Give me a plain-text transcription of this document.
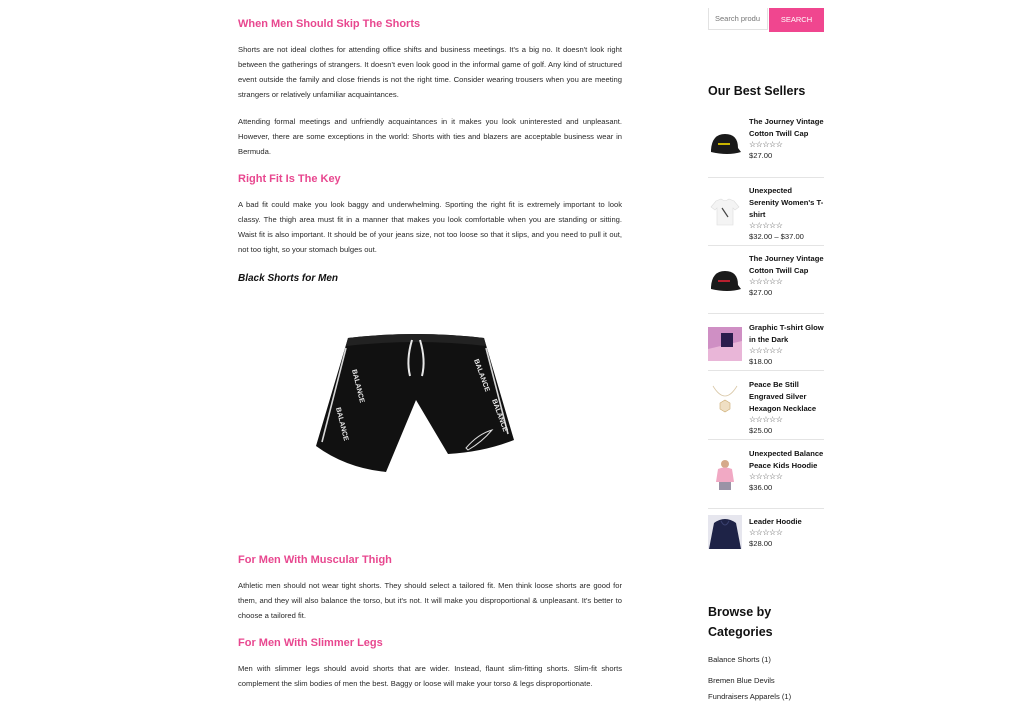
When Men Should Skip The Shorts

Shorts are not ideal clothes for attending office shifts and business meetings. It's a big no. It doesn't look right between the gatherings of strangers. It doesn't even look good in the informal game of golf. Any kind of structured event outside the family and close friends is not the right time. Consider wearing trousers when you are meeting strangers or relatively unfamiliar acquaintances.

Attending formal meetings and unfriendly acquaintances in it makes you look uninterested and unpleasant. However, there are some exceptions in the world: Shorts with ties and blazers are acceptable business wear in Bermuda.

Right Fit Is The Key

A bad fit could make you look baggy and underwhelming. Sporting the right fit is extremely important to look classy. The thigh area must fit in a manner that makes you look comfortable when you are standing or sitting. Waist fit is also important. It should be of your jeans size, not too loose so that it slips, and you need to pull it out, not too tight, so your stomach bulges out.

Black Shorts for Men
BALANCE
BALANCE
BALANCE
BALANCE
For Men With Muscular Thigh

Athletic men should not wear tight shorts. They should select a tailored fit. Men think loose shorts are good for them, and they will also balance the torso, but it's not. It will make you disproportional & unpleasant. It's better to choose a tailored fit.

For Men With Slimmer Legs

Men with slimmer legs should avoid shorts that are wider. Instead, flaunt slim-fitting shorts. Slim-fit shorts complement the slim bodies of men the best. Baggy or loose will make your torso & legs disproportionate.

Search produ
SEARCH
Our Best Sellers

The Journey Vintage Cotton Twill Cap

☆☆☆☆☆
$27.00

Unexpected Serenity Women's T-shirt

☆☆☆☆☆
$32.00 – $37.00

The Journey Vintage Cotton Twill Cap

☆☆☆☆☆
$27.00

Graphic T-shirt Glow in the Dark

☆☆☆☆☆
$18.00

Peace Be Still Engraved Silver Hexagon Necklace

☆☆☆☆☆
$25.00

Unexpected Balance Peace Kids Hoodie

☆☆☆☆☆
$36.00

Leader Hoodie

☆☆☆☆☆
$28.00
Browse by Categories
Balance Shorts (1)
Bremen Blue Devils
Fundraisers Apparels (1)
